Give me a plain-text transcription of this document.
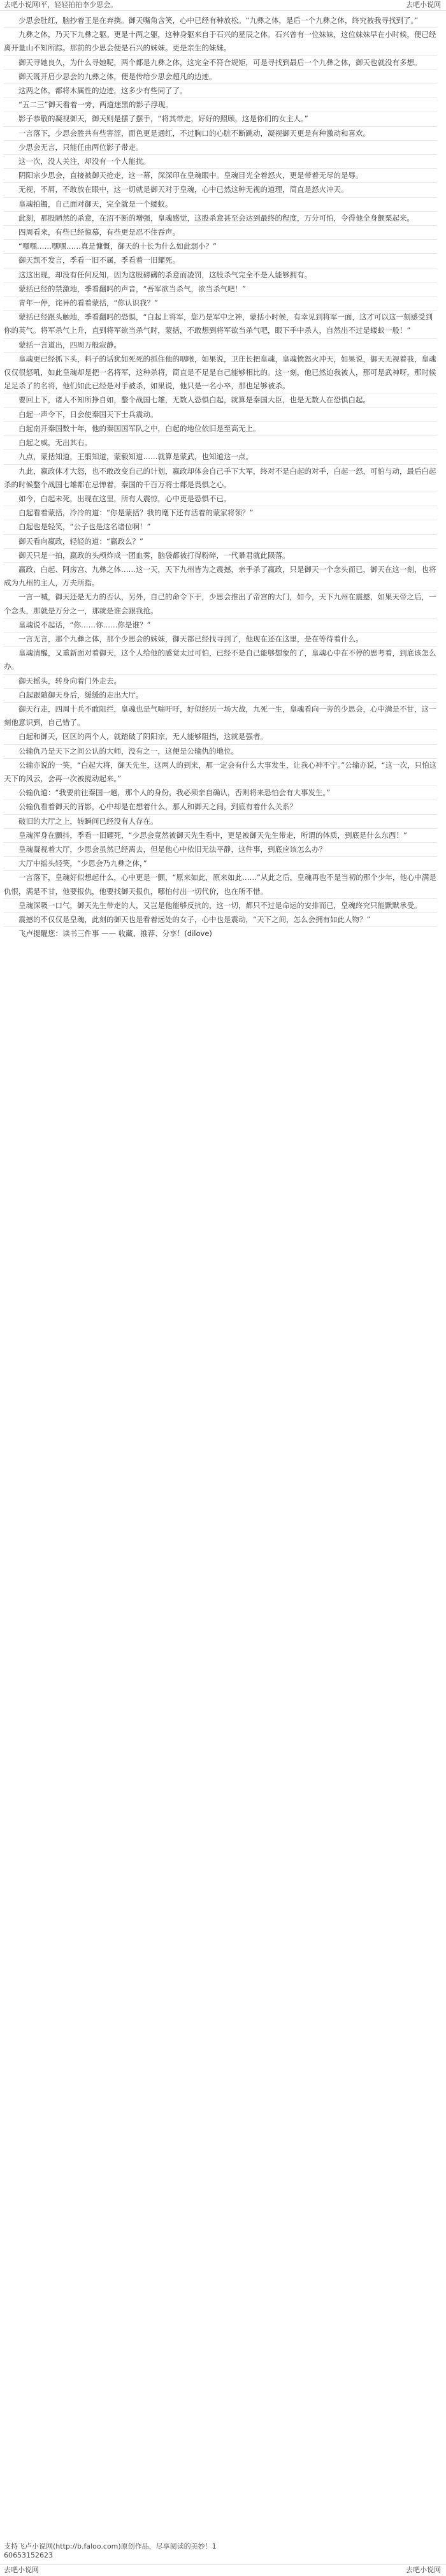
去吧小说网 I平，轻轻拍拍李少思会。	去吧小说网

少思会肚红，脑抄着王是在弃携。御天嘴角含笑，心中已经有种放松。“九彝之体，是后一个九彝之体，终究被我寻找到了。”

九彝之体，乃天下九彝之躯。更是十两之躯，这种身躯来自于石兴的星辰之体。石兴曾有一位妹妹，这位妹妹早在小时候，便已经离开量山不知所踪。那前的少思会便是石兴的妹妹。更是亲生的妹妹。

御天寻她良久，为什么寻她呢，两个都是九彝之体，这完全不符合规矩，可是寻找到最后一个九彝之体，御天也就没有多想。

御天既开启少思会的九彝之体，便是传给少思会超凡的边迹。

这两之体，都将木属性的边迹，这多少有些同了了。

“五二三”御天看着一旁，两道迷黑的影子浮现。

影子恭敬的凝视御天，御天则是摆了摆手，“将其带走，好好的照顾，这是你们的女主人。”

一言落下，少思会胜共有些害涩，面色更是通红，不过胸口的心脏不断跳动，凝视御天更是有种激动和喜欢。

少思会无言，只能任由两位影子带走。

这一次，没人关注，却没有一个人能扰。

阴阳宗少思会，直接被御天抢走，这一幕，深深印在皇魂眼中。皇魂目光全着怒火，更是带着无尽的是辱。

无视，不屑，不敢放在眼中，这一切就是御天对于皇魂，心中已然这种无视的道理，简直是怒火冲天。

皇魂拍镯，自己面对御天，完全就是一个蝼蚁。

此刻，那股陋然的杀意，在沼不断的增强，皇魂感觉，这股杀意甚至会达到最终的程度，万分可怕，令得他全身颤栗起来。

四周看来，有些已经惊慕，有些更是忍不住吞声。

“嘿嘿……嘿嘿……真是慷慨，御天的十长为什么如此弱小？”

御天凯不发言，季看一旧不属，季看着一旧耀死。

这这出现，却没有任何反知，因为这股磅礴的杀意而凌罚，这股杀气完全不是人能够拥有。

蒙括已经的禁激地，季看翻吗的声音，“吾军欲当杀气，欲当杀气吧！”

青年一停，诧异的看着蒙括，“你认识我？”

蒙括已经跟头触地，季看翻吗的恐惧，“白起上将军，您乃是军中之神，蒙括小时候，有幸见到将军一面，这才可以这一刻感受到你的英气。将军杀气上升，直到将军欲当杀气时，蒙括，不敢想到将军欲当杀气吧，眼下手中杀人，自然出不过是蝼蚁一般！”

蒙括一言道出，四周万般寂静。

皇魂更已经抓下头，料子的话犹如死死的抓住他的咽喉，如果说，卫庄长把皇魂，皇魂愤怒火冲天，如果说，御天无视着我，皇魂仅仅很怒吼，如此皇魂却是把一名将军，这种杀将，简直是不足是自己能够相比的。这一刻，他已然迫我被人，那可是武神呀，那时候足足杀了的名将，他们如此已经是对手被杀，如果说，他只是一名小卒，那也足够被杀。

要回上下，诸人不知所挣自如，整个战国七雄，无数人恐惧白起，就算是秦国大臣，也是无数人在恐惧白起。

白起一声令下，日会使秦国天下士兵震动。

白起南开秦国数十年，他的秦国国军队之中，白起的地位依旧是至高无上。

白起之威，无出其右。

九点，蒙括知道，王翦知道，蒙毅知道……就算是蒙武，也知道这一点。

九此，嬴政体才大怒，也不敢改变自己的计划，嬴政却体会自己手下大军，终对不是白起的对手，白起一怒，可怕与动，最后白起杀的时候整个战国七雄都在忌惮着，秦国的千百万将士都是畏惧之心。

如今，白起未死，出现在这里，所有人震惊，心中更是恐惧不已。

白起看着蒙括，冷冷的道：“你是蒙括？我的麾下还有活着的蒙家将领？”

白起也是轻笑，“公子也是这名诸位啊！”

御天看向嬴政，轻轻的道：“嬴政么？”

御天只是一拍，嬴政的头颅炸成一团血雾，脑袋都被打得粉碎，一代暴君就此陨落。

嬴政、白起、阿房宫、九彝之体……这一天，天下九州皆为之震撼，亲手杀了嬴政，只是御天一个念头而已，御天在这一刻，也将成为九州的主人，万夫所指。

一言一喊，御天还是无力的否认，另外，自己的命令下于，少思会推出了帝宫的大门，如今，天下九州在震撼，如果天帝之后，一个念头，那就是万分之一，那就是谁会跟我抢。

皇魂说不起话，“你……你……你是谁？”

一言无言，那个九彝之体，那个少思会的妹妹，御天都已经找寻到了，他现在还在这里，是在等待着什么。

皇魂清醒，又重新面对着御天，这个人给他的感觉太过可怕，已经不是自己能够想象的了，皇魂心中在不停的思考着，到底该怎么办。

御天摇头，转身向着门外走去。

白起跟随御天身后，缓缓的走出大厅。

御天行走，四周十兵不敢阻拦，皇魂也是气喘吁吁，好似经历一场大战，九死一生，皇魂看向一旁的少思会，心中满是不甘，这一刻他意识到，自己错了。

白起和御天，区区的两个人，就踏破了阴阳宗，无人能够阻挡，这就是强者。

公输仇乃是天下之间公认的大师，没有之一，这便是公输仇的地位。

公输亦说的一笑，“白起大将，御天先生，这两人的到来，那一定会有什么大事发生，让我心神不宁。”公输亦说，“这一次，只怕这天下的风云，会再一次被搅动起来。”

公输仇道：“我要前往秦国一趟，那个人的身份，我必须亲自确认，否则将来恐怕会有大事发生。”

公输仇看着御天的背影，心中却是在想着什么，那人和御天之间，到底有着什么关系？

破旧的大厅之上，转瞬间已经没有人存在。

皇魂浑身在颤抖，季看一旧耀死，“少思会竟然被御天先生看中，更是被御天先生带走，所谓的体质，到底是什么东西！”

皇魂凝视着大厅，少思会虽然已经离去，但是他心中依旧无法平静，这件事，到底应该怎么办？

大厅中摇头轻笑，“少思会乃九彝之体，”

一言落下，皇魂好似想起什么，心中更是一颤，“原来如此，原来如此……”从此之后，皇魂再也不是当初的那个少年，他心中满是仇恨，满是不甘，他要报仇，他要找御天报仇，哪怕付出一切代价，也在所不惜。

皇魂深吸一口气，御天先生带走的人，又岂是他能够反抗的，这一切，都只不过是命运的安排而已，皇魂终究只能默默承受。

震撼的不仅仅是皇魂，此刻的御天也是看着远处的女子，心中也是震动，“天下之间，怎么会拥有如此人物？”

飞卢提醒您：读书三件事 —— 收藏、推荐、分享！(dilove)

支持飞卢小说网(http://b.faloo.com)原创作品，尽享阅读的美妙！1
60653152623
去吧小说网	去吧小说网
